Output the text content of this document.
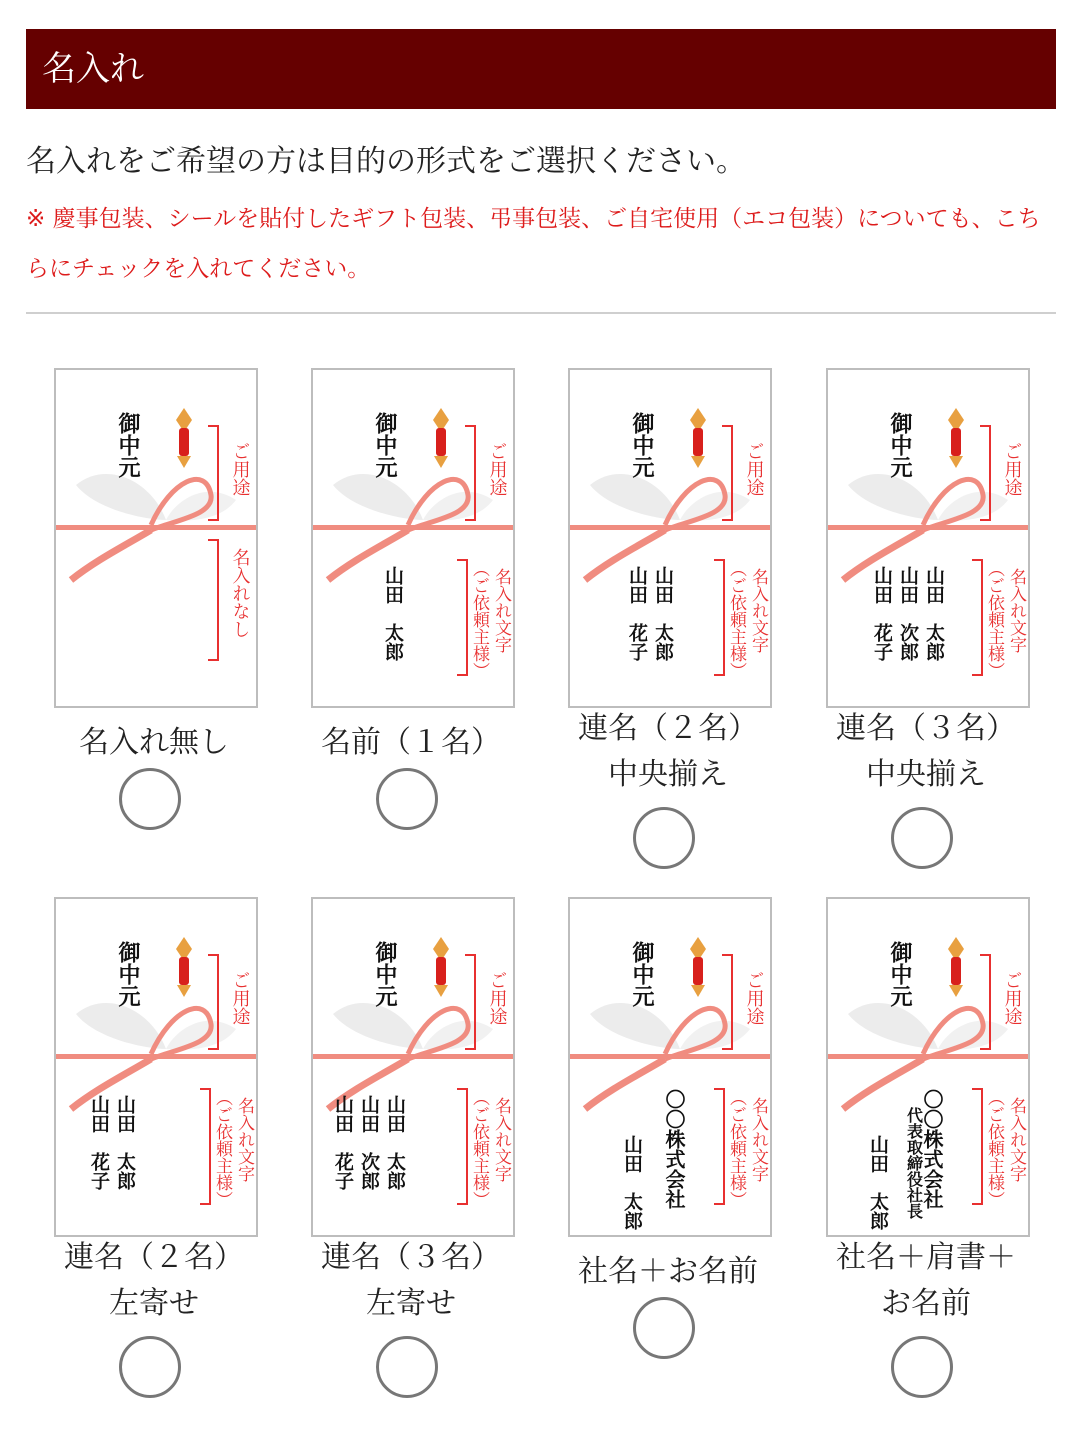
名入れ
名入れをご希望の方は目的の形式をご選択ください。
※ 慶事包装、シールを貼付したギフト包装、弔事包装、ご自宅使用（エコ包装）についても、こちらにチェックを入れてください。
御中元	ご用途
名入れなし
名入れ無し
御中元	ご用途
名入れ文字
（ご依頼主様）
山田　太郎
名前（１名）
御中元	ご用途
名入れ文字
（ご依頼主様）
山田　太郎
山田　花子
連名（２名）
中央揃え
御中元	ご用途
名入れ文字
（ご依頼主様）
山田　太郎
山田　次郎
山田　花子
連名（３名）
中央揃え
御中元	ご用途
名入れ文字
（ご依頼主様）
山田　太郎
山田　花子
連名（２名）
左寄せ
御中元	ご用途
名入れ文字
（ご依頼主様）
山田　太郎
山田　次郎
山田　花子
連名（３名）
左寄せ
御中元	ご用途
名入れ文字
（ご依頼主様）
〇〇株式会社
山田　太郎
社名＋お名前
御中元	ご用途
名入れ文字
（ご依頼主様）
〇〇株式会社
代表取締役社長
山田　太郎
社名＋肩書＋
お名前
